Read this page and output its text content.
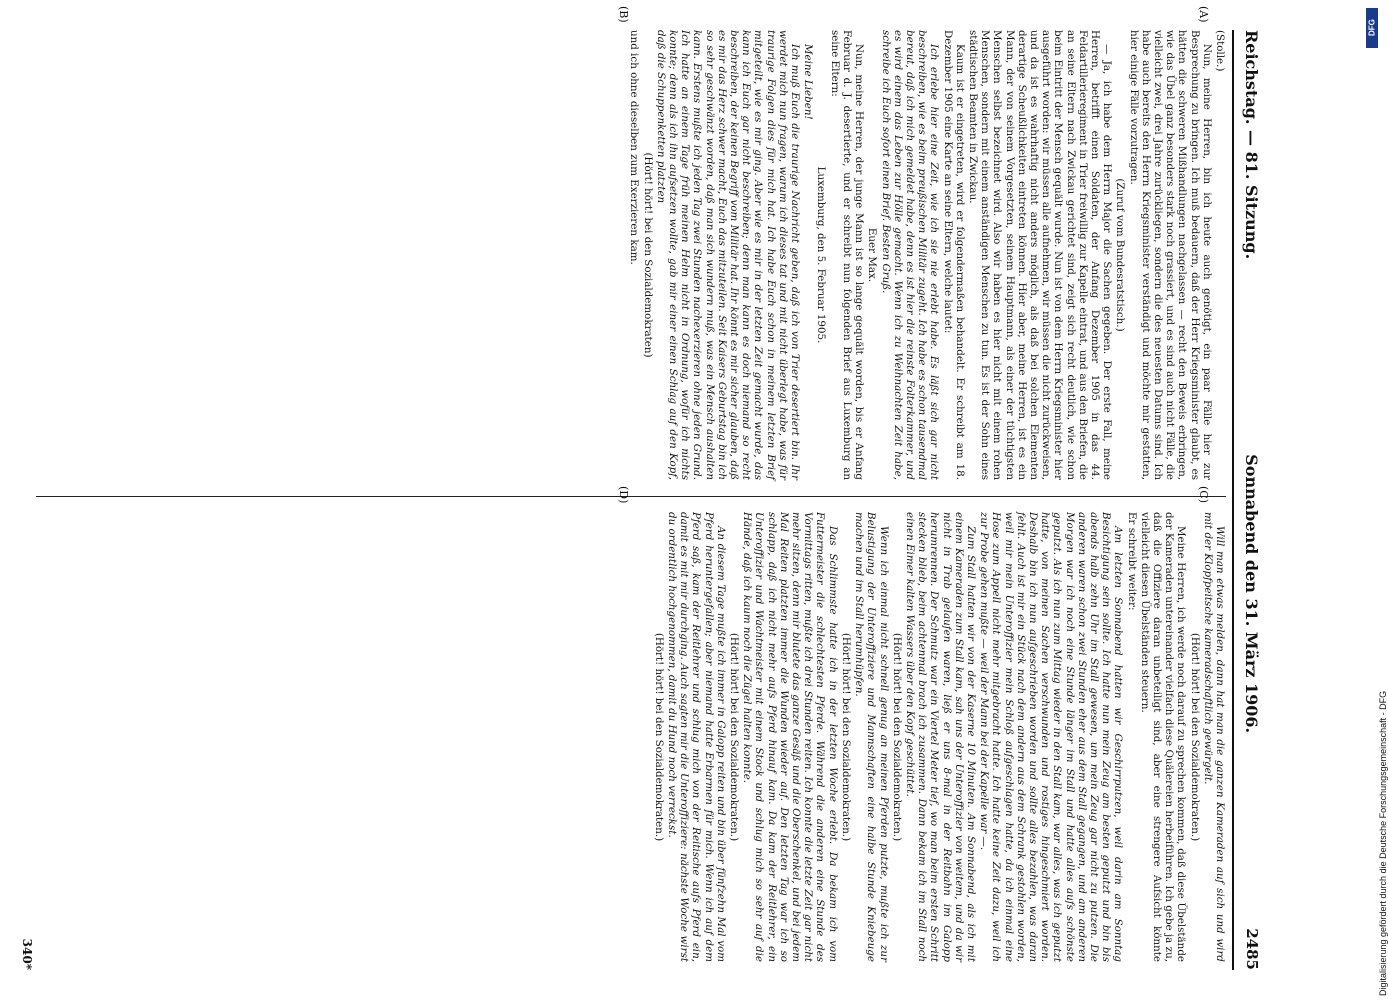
Reichstag. — 81. Sitzung.
Sonnabend den 31. März 1906.
2485

(Stolle.)

Nun, meine Herren, bin ich heute auch genötigt, ein paar Fälle hier zur Besprechung zu bringen. Ich muß bedauern, daß der Herr Kriegsminister glaubt, es hätten die schweren Mißhandlungen nachgelassen — recht den Beweis erbringen, wie das Übel ganz besonders stark noch grassiert, und es sind auch nicht Fälle, die vielleicht zwei, drei Jahre zurückliegen, sondern die des neuesten Datums sind. Ich habe auch bereits den Herrn Kriegsminister verständigt und möchte mir gestatten, hier einige Fälle vorzutragen.

(Zuruf vom Bundesratstisch.)

— Ja, ich habe dem Herrn Major die Sachen gegeben. Der erste Fall, meine Herren, betrifft einen Soldaten, der Anfang Dezember 1905 in das 44. Feldartillerieregiment in Trier freiwillig zur Kapelle eintrat, und aus den Briefen, die an seine Eltern nach Zwickau gerichtet sind, zeigt sich recht deutlich, wie schon beim Eintritt der Mensch gequält wurde. Nun ist von dem Herrn Kriegsminister hier ausgeführt worden: wir müssen alle aufnehmen, wir müssen die nicht zurückweisen, und da ist es wahrhaftig nicht anders möglich, als daß bei solchen Elementen derartige Scheußlichkeiten eintreten können. Hier aber, meine Herren, ist es ein Mann, der von seinem Vorgesetzten, seinem Hauptmann, als einer der tüchtigsten Menschen selbst bezeichnet wird. Also wir haben es hier nicht mit einem rohen Menschen, sondern mit einem anständigen Menschen zu tun. Es ist der Sohn eines städtischen Beamten in Zwickau.

Kaum ist er eingetreten, wird er folgendermaßen behandelt. Er schreibt am 18. Dezember 1905 eine Karte an seine Eltern, welche lautet:

Ich erlebe hier eine Zeit, wie ich sie nie erlebt habe. Es läßt sich gar nicht beschreiben, wie es beim preußischen Militär zugeht. Ich habe es schon tausendmal bereut, daß ich mich gemeldet habe, denn es ist hier die reinste Folterkammer, und es wird einem das Leben zur Hölle gemacht. Wenn ich zu Weihnachten Zeit habe, schreibe ich Euch sofort einen Brief. Besten Gruß.

Euer Max.

Nun, meine Herren, der junge Mann ist so lange gequält worden, bis er Anfang Februar d. J. desertierte, und er schreibt nun folgenden Brief aus Luxemburg an seine Eltern:

Luxemburg, den 5. Februar 1905.

Meine Lieben!

Ich muß Euch die traurige Nachricht geben, daß ich von Trier desertiert bin. Ihr werdet mich nun fragen, warum ich dieses tat und mit nicht überlegt habe, was für traurige Folgen dies für mich hat. Ich habe Euch schon in meinem letzten Brief mitgeteilt, wie es mir ging. Aber wie es mir in der letzten Zeit gemacht wurde, das kann ich Euch gar nicht beschreiben; denn man kann es doch niemand so recht beschreiben, der keinen Begriff vom Militär hat. Ihr könnt es mir sicher glauben, daß es mir das Herz schwer macht, Euch das mitzuteilen. Seit Kaisers Geburtstag bin ich so sehr geschwänzt worden, daß man sich wundern muß, was ein Mensch aushalten kann. Erstens mußte ich jeden Tag zwei Stunden nachexerzieren ohne jeden Grund. Ich hatte an einem Tage früh meinen Helm nicht in Ordnung, wofür ich nichts konnte; denn als ich ihn aufsetzen wollte, gab mir einer einen Schlag auf den Kopf, daß die Schuppenketten platzten

(Hört! hört! bei den Sozialdemokraten)

und ich ohne dieselben zum Exerzieren kam.

Will man etwas melden, dann hat man die ganzen Kameraden auf sich und wird mit der Klopfpeitsche kameradschaftlich gewürgelt.

(Hört! hört! bei den Sozialdemokraten.)

Meine Herren, ich werde noch darauf zu sprechen kommen, daß diese Übelstände der Kameraden untereinander vielfach diese Quälereien herbeiführen. Ich gebe ja zu, daß die Offiziere daran unbeteiligt sind, aber eine strengere Aufsicht könnte vielleicht diesen Übelständen steuern.

Er schreibt weiter:

Am letzten Sonnabend hatten wir Geschirrputzen, weil darin am Sonntag Besichtigung sein sollte. Ich hatte nun mein Zeug am besten geputzt und bin bis abends halb zehn Uhr im Stall gewesen, um mein Zeug gar nicht zu putzen. Die anderen waren schon zwei Stunden eher aus dem Stall gegangen, und am anderen Morgen war ich noch eine Stunde länger im Stall und hatte alles aufs schönste geputzt. Als ich nun zum Mittag wieder in den Stall kam, war alles, was ich geputzt hatte, von meinen Sachen verschwunden und rostiges hingeschmiert worden. Deshalb bin ich nun aufgeschrieben worden und sollte alles bezahlen, was daran fehlt. Auch ist mir ein Stück nach dem andern aus dem Schrank gestohlen worden, weil mir mein Unteroffizier mein Schloß aufgeschlagen hatte, da ich einmal eine Hose zum Appell nicht mehr mitgebracht hatte. Ich hatte keine Zeit dazu, weil ich zur Probe gehen mußte — weil der Mann bei der Kapelle war —.

Zum Stall hatten wir von der Kaserne 10 Minuten. Am Sonnabend, als ich mit einem Kameraden zum Stall kam, sah uns der Unteroffizier von weitem, und da wir nicht in Trab gelaufen waren, ließ er uns 8-mal in der Reitbahn im Galopp herumrennen. Der Schmutz war ein Viertel Meter tief, wo man beim ersten Schritt stecken blieb, beim achtenmal brach ich zusammen. Dann bekam ich im Stall noch einen Eimer kalten Wassers über den Kopf geschüttet.

(Hört! hört! bei den Sozialdemokraten.)

Wenn ich einmal nicht schnell genug an meinen Pferden putzte, mußte ich zur Belustigung der Unteroffiziere und Mannschaften eine halbe Stunde Kniebeuge machen und im Stall herumhüpfen.

(Hört! hört! bei den Sozialdemokraten.)

Das Schlimmste hatte ich in der letzten Woche erlebt. Da bekam ich vom Futtermeister die schlechtesten Pferde. Während die anderen eine Stunde des Vormittags ritten, mußte ich drei Stunden reiten. Ich konnte die letzte Zeit gar nicht mehr sitzen, denn mir blutete das ganze Gesäß und die Oberschenkel, und bei jedem Mal Reiten platzten immer die Wunden wieder auf. Den letzten Tag war ich so schlapp, daß ich nicht mehr aufs Pferd hinauf kam. Da kam der Reitlehrer, ein Unteroffizier und Wachtmeister mit einem Stock und schlug mich so sehr auf die Hände, daß ich kaum noch die Zügel halten konnte.

(Hört! hört! bei den Sozialdemokraten.)

An diesem Tage mußte ich immer in Galopp reiten und bin über fünfzehn Mal vom Pferd heruntergefallen; aber niemand hatte Erbarmen für mich. Wenn ich auf dem Pferd saß, kam der Reitlehrer und schlug mich von der Reitische aufs Pferd ein, damit es mit mir durchging. Auch sagten mir die Unteroffiziere: nächste Woche wirst du ordentlich hochgenommen, damit du Hund noch verreckst.

(Hört! hört! bei den Sozialdemokraten.)

(A)
(B)
(C)
(D)
340*	Digitalisierung gefördert durch die Deutsche Forschungsgemeinschaft - DFG
DFG
